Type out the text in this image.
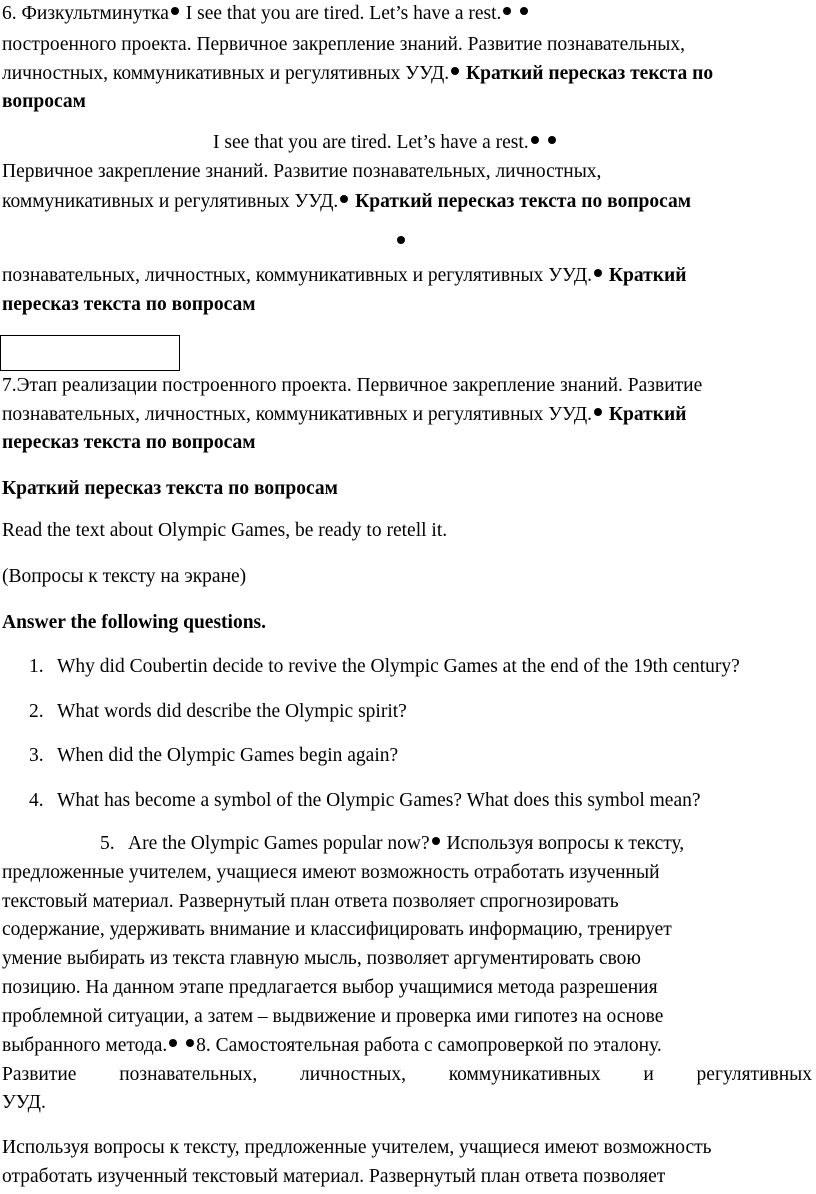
6. Физкультминутка I see that you are tired. Let’s have a rest.

построенного проекта. Первичное закрепление знаний. Развитие познавательных,

личностных, коммуникативных и регулятивных УУД. Краткий пересказ текста по

вопросам

I see that you are tired. Let’s have a rest.

Первичное закрепление знаний. Развитие познавательных, личностных,

коммуникативных и регулятивных УУД. Краткий пересказ текста по вопросам

познавательных, личностных, коммуникативных и регулятивных УУД. Краткий

пересказ текста по вопросам

7.Этап реализации построенного проекта. Первичное закрепление знаний. Развитие

познавательных, личностных, коммуникативных и регулятивных УУД. Краткий

пересказ текста по вопросам

Краткий пересказ текста по вопросам

Read the text about Olympic Games, be ready to retell it.

(Вопросы к тексту на экране)

Answer the following questions.

1. Why did Coubertin decide to revive the Olympic Games at the end of the 19th century?

2. What words did describe the Olympic spirit?

3. When did the Olympic Games begin again?

4. What has become a symbol of the Olympic Games? What does this symbol mean?

5. Are the Olympic Games popular now? Используя вопросы к тексту,

предложенные учителем, учащиеся имеют возможность отработать изученный

текстовый материал. Развернутый план ответа позволяет спрогнозировать

содержание, удерживать внимание и классифицировать информацию, тренирует

умение выбирать из текста главную мысль, позволяет аргументировать свою

позицию. На данном этапе предлагается выбор учащимися метода разрешения

проблемной ситуации, а затем – выдвижение и проверка ими гипотез на основе

выбранного метода. 8. Самостоятельная работа с самопроверкой по эталону.

Развитие познавательных, личностных, коммуникативных и регулятивных

УУД.

Используя вопросы к тексту, предложенные учителем, учащиеся имеют возможность

отработать изученный текстовый материал. Развернутый план ответа позволяет
